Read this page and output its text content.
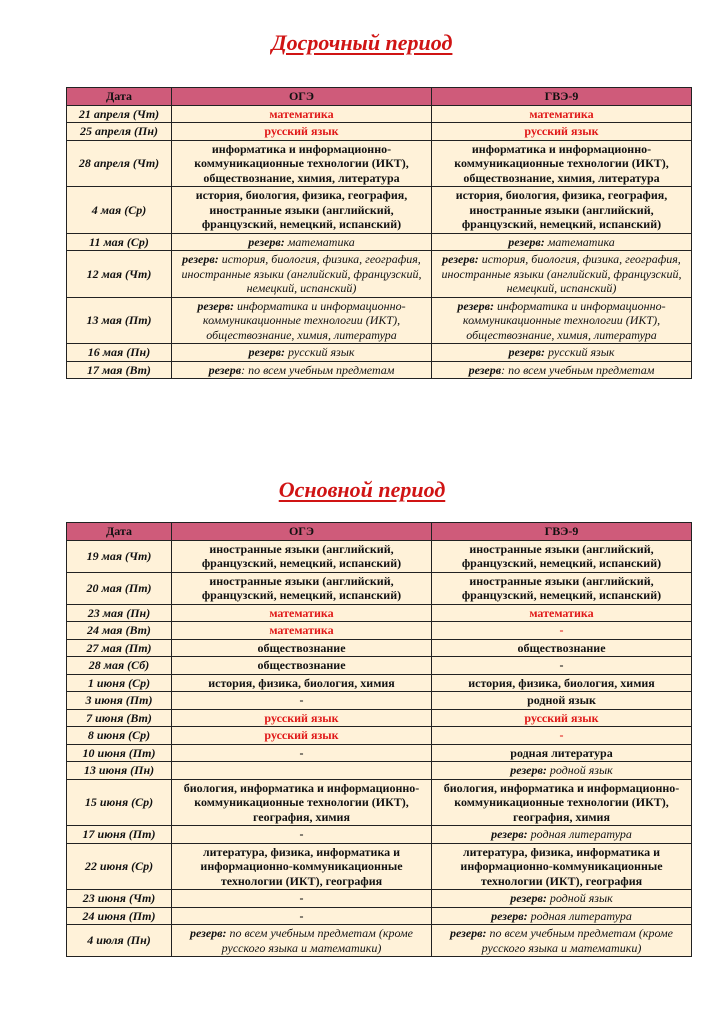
Досрочный период
Дата	ОГЭ	ГВЭ-9
21 апреля (Чт)	математика	математика
25 апреля (Пн)	русский язык	русский язык
28 апреля (Чт)	информатика и информационно-коммуникационные технологии (ИКТ), обществознание, химия, литература	информатика и информационно-коммуникационные технологии (ИКТ), обществознание, химия, литература
4 мая (Ср)	история, биология, физика, география, иностранные языки (английский, французский, немецкий, испанский)	история, биология, физика, география, иностранные языки (английский, французский, немецкий, испанский)
11 мая (Ср)	резерв: математика	резерв: математика
12 мая (Чт)	резерв: история, биология, физика, география, иностранные языки (английский, французский, немецкий, испанский)	резерв: история, биология, физика, география, иностранные языки (английский, французский, немецкий, испанский)
13 мая (Пт)	резерв: информатика и информационно-коммуникационные технологии (ИКТ), обществознание, химия, литература	резерв: информатика и информационно-коммуникационные технологии (ИКТ), обществознание, химия, литература
16 мая (Пн)	резерв: русский язык	резерв: русский язык
17 мая (Вт)	резерв: по всем учебным предметам	резерв: по всем учебным предметам
Основной период
Дата	ОГЭ	ГВЭ-9
19 мая (Чт)	иностранные языки (английский, французский, немецкий, испанский)	иностранные языки (английский, французский, немецкий, испанский)
20 мая (Пт)	иностранные языки (английский, французский, немецкий, испанский)	иностранные языки (английский, французский, немецкий, испанский)
23 мая (Пн)	математика	математика
24 мая (Вт)	математика	-
27 мая (Пт)	обществознание	обществознание
28 мая (Сб)	обществознание	-
1 июня (Ср)	история, физика, биология, химия	история, физика, биология, химия
3 июня (Пт)	-	родной язык
7 июня (Вт)	русский язык	русский язык
8 июня (Ср)	русский язык	-
10 июня (Пт)	-	родная литература
13 июня (Пн)		резерв: родной язык
15 июня (Ср)	биология, информатика и информационно-коммуникационные технологии (ИКТ), география, химия	биология, информатика и информационно-коммуникационные технологии (ИКТ), география, химия
17 июня (Пт)	-	резерв: родная литература
22 июня (Ср)	литература, физика, информатика и информационно-коммуникационные технологии (ИКТ), география	литература, физика, информатика и информационно-коммуникационные технологии (ИКТ), география
23 июня (Чт)	-	резерв: родной язык
24 июня (Пт)	-	резерв: родная литература
4 июля (Пн)	резерв: по всем учебным предметам (кроме русского языка и математики)	резерв: по всем учебным предметам (кроме русского языка и математики)
